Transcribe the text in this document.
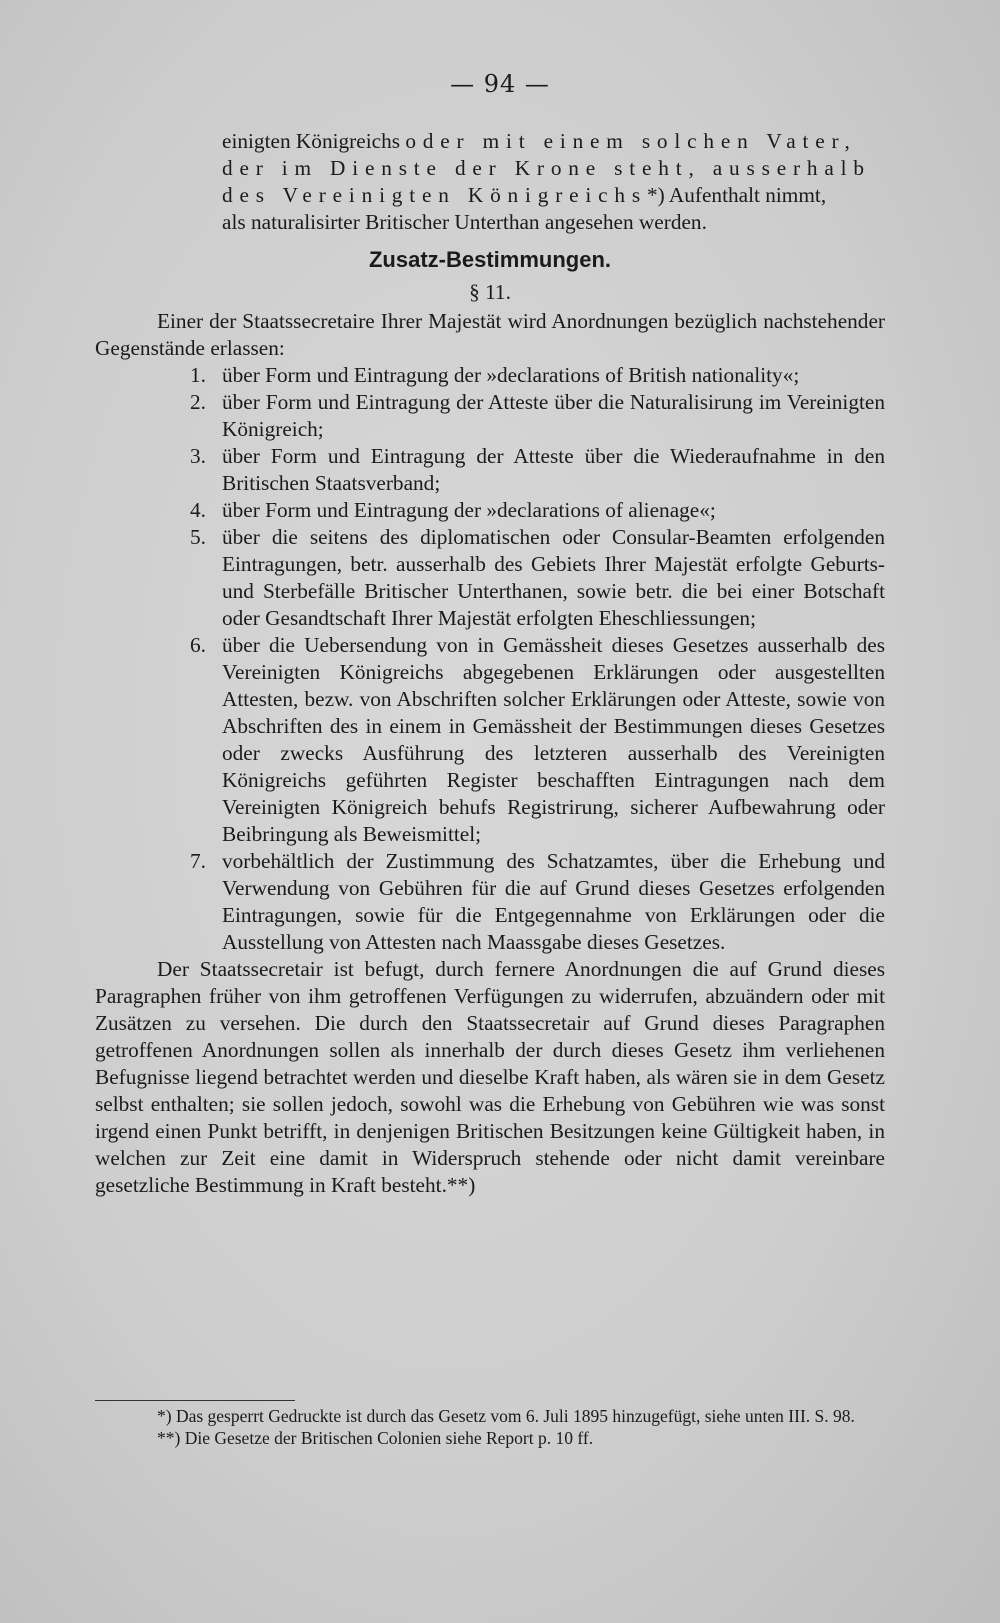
— 94 —

einigten Königreichs oder mit einem solchen Vater,

der im Dienste der Krone steht, ausserhalb

des Vereinigten Königreichs*) Aufenthalt nimmt,

als naturalisirter Britischer Unterthan angesehen werden.

Zusatz-Bestimmungen.
§ 11.

Einer der Staatssecretaire Ihrer Majestät wird Anordnungen bezüglich nachstehender Gegenstände erlassen:

1. über Form und Eintragung der »declarations of British nationality«;
2. über Form und Eintragung der Atteste über die Naturalisirung im Vereinigten Königreich;
3. über Form und Eintragung der Atteste über die Wiederaufnahme in den Britischen Staatsverband;
4. über Form und Eintragung der »declarations of alienage«;
5. über die seitens des diplomatischen oder Consular-Beamten erfolgenden Eintragungen, betr. ausserhalb des Gebiets Ihrer Majestät erfolgte Geburts- und Sterbefälle Britischer Unterthanen, sowie betr. die bei einer Botschaft oder Gesandtschaft Ihrer Majestät erfolgten Eheschliessungen;
6. über die Uebersendung von in Gemässheit dieses Gesetzes ausserhalb des Vereinigten Königreichs abgegebenen Erklärungen oder ausgestellten Attesten, bezw. von Abschriften solcher Erklärungen oder Atteste, sowie von Abschriften des in einem in Gemässheit der Bestimmungen dieses Gesetzes oder zwecks Ausführung des letzteren ausserhalb des Vereinigten Königreichs geführten Register beschafften Eintragungen nach dem Vereinigten Königreich behufs Registrirung, sicherer Aufbewahrung oder Beibringung als Beweismittel;
7. vorbehältlich der Zustimmung des Schatzamtes, über die Erhebung und Verwendung von Gebühren für die auf Grund dieses Gesetzes erfolgenden Eintragungen, sowie für die Entgegennahme von Erklärungen oder die Ausstellung von Attesten nach Maassgabe dieses Gesetzes.

Der Staatssecretair ist befugt, durch fernere Anordnungen die auf Grund dieses Paragraphen früher von ihm getroffenen Verfügungen zu widerrufen, abzuändern oder mit Zusätzen zu versehen. Die durch den Staatssecretair auf Grund dieses Paragraphen getroffenen Anordnungen sollen als innerhalb der durch dieses Gesetz ihm verliehenen Befugnisse liegend betrachtet werden und dieselbe Kraft haben, als wären sie in dem Gesetz selbst enthalten; sie sollen jedoch, sowohl was die Erhebung von Gebühren wie was sonst irgend einen Punkt betrifft, in denjenigen Britischen Besitzungen keine Gültigkeit haben, in welchen zur Zeit eine damit in Widerspruch stehende oder nicht damit vereinbare gesetzliche Bestimmung in Kraft besteht.**)

*) Das gesperrt Gedruckte ist durch das Gesetz vom 6. Juli 1895 hinzugefügt, siehe unten III. S. 98.

**) Die Gesetze der Britischen Colonien siehe Report p. 10 ff.
